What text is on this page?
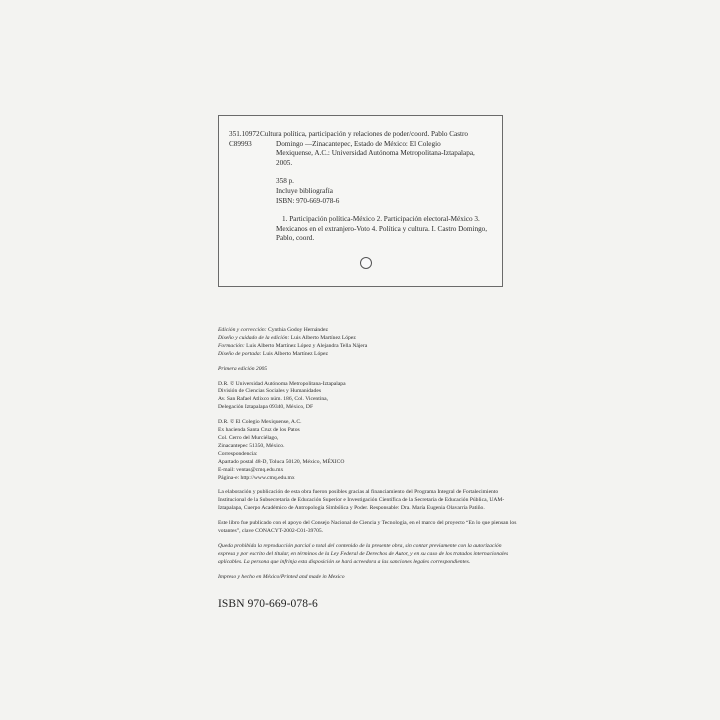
351.10972
C89993

Cultura política, participación y relaciones de poder/coord. Pablo Castro

Domingo —Zinacantepec, Estado de México: El Colegio

Mexiquense, A.C.: Universidad Autónoma Metropolitana-Iztapalapa,

2005.

358 p.
Incluye bibliografía
ISBN: 970-669-078-6
1. Participación política-México 2. Participación electoral-México 3.
Mexicanos en el extranjero-Voto 4. Política y cultura. I. Castro Domingo,
Pablo, coord.
Edición y corrección: Cynthia Godoy Hernández
Diseño y cuidado de la edición: Luis Alberto Martínez López
Formación: Luis Alberto Martínez López y Alejandra Tella Nájera
Diseño de portada: Luis Alberto Martínez López

Primera edición 2005

D.R. © Universidad Autónoma Metropolitana-Iztapalapa
División de Ciencias Sociales y Humanidades
Av. San Rafael Atlixco núm. 186, Col. Vicentina,
Delegación Iztapalapa 09340, México, DF
D.R. © El Colegio Mexiquense, A.C.
Ex hacienda Santa Cruz de los Patos
Col. Cerro del Murciélago,
Zinacantepec 51350, México.
Correspondencia:
Apartado postal 48-D, Toluca 50120, México, MÉXICO
E-mail: ventas@cmq.edu.mx
Página-e: http://www.cmq.edu.mx

La elaboración y publicación de esta obra fueron posibles gracias al financiamiento del Programa Integral de Fortalecimiento Institucional de la Subsecretaría de Educación Superior e Investigación Científica de la Secretaría de Educación Pública, UAM-Iztapalapa, Cuerpo Académico de Antropología Simbólica y Poder. Responsable: Dra. María Eugenia Olavarría Patiño.

Este libro fue publicado con el apoyo del Consejo Nacional de Ciencia y Tecnología, en el marco del proyecto “En lo que piensan los votantes”, clave CONACYT-2002-C01-39705.

Queda prohibida la reproducción parcial o total del contenido de la presente obra, sin contar previamente con la autorización expresa y por escrito del titular, en términos de la Ley Federal de Derechos de Autor, y en su caso de los tratados internacionales aplicables. La persona que infrinja esta disposición se hará acreedora a las sanciones legales correspondientes.

Impreso y hecho en México/Printed and made in Mexico

ISBN 970-669-078-6
